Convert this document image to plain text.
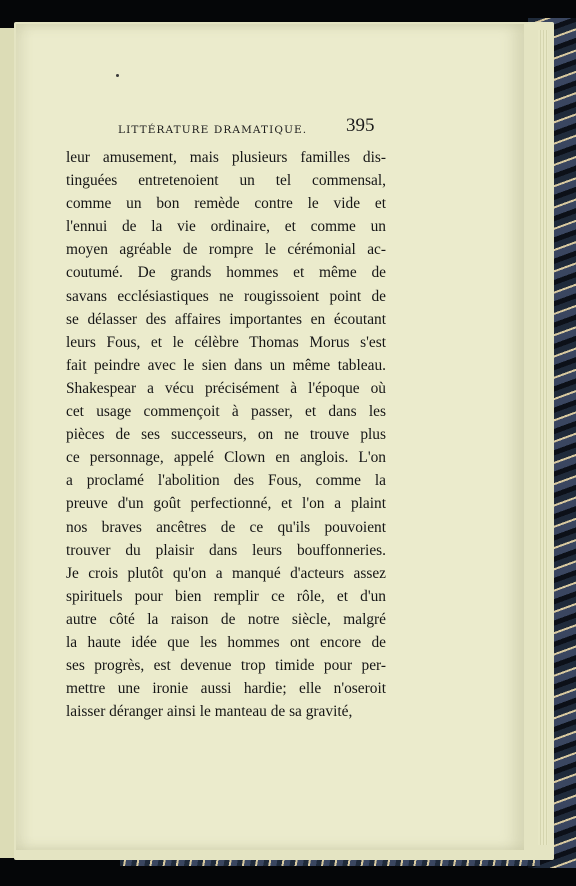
LITTÉRATURE DRAMATIQUE.	395
leur amusement, mais plusieurs familles dis-
tinguées entretenoient un tel commensal,
comme un bon remède contre le vide et
l'ennui de la vie ordinaire, et comme un
moyen agréable de rompre le cérémonial ac-
coutumé. De grands hommes et même de
savans ecclésiastiques ne rougissoient point de
se délasser des affaires importantes en écoutant
leurs Fous, et le célèbre Thomas Morus s'est
fait peindre avec le sien dans un même tableau.
Shakespear a vécu précisément à l'époque où
cet usage commençoit à passer, et dans les
pièces de ses successeurs, on ne trouve plus
ce personnage, appelé Clown en anglois. L'on
a proclamé l'abolition des Fous, comme la
preuve d'un goût perfectionné, et l'on a plaint
nos braves ancêtres de ce qu'ils pouvoient
trouver du plaisir dans leurs bouffonneries.
Je crois plutôt qu'on a manqué d'acteurs assez
spirituels pour bien remplir ce rôle, et d'un
autre côté la raison de notre siècle, malgré
la haute idée que les hommes ont encore de
ses progrès, est devenue trop timide pour per-
mettre une ironie aussi hardie; elle n'oseroit
laisser déranger ainsi le manteau de sa gravité,
